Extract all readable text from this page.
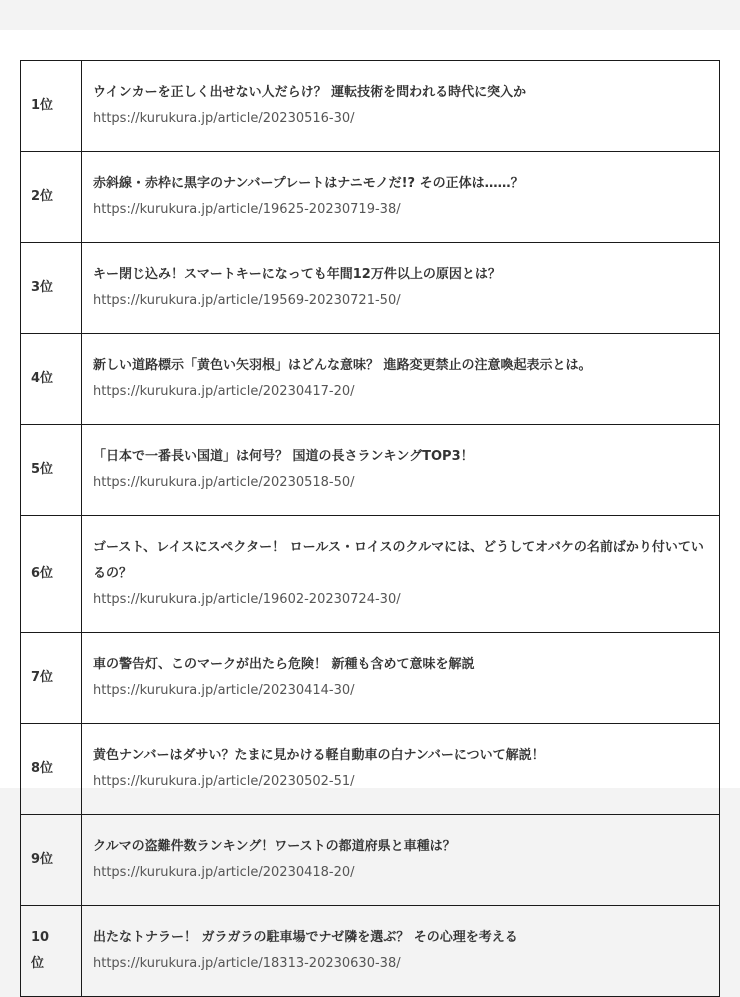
1位	ウインカーを正しく出せない人だらけ？ 運転技術を問われる時代に突入か
https://kurukura.jp/article/20230516-30/

2位	赤斜線・赤枠に黒字のナンバープレートはナニモノだ!? その正体は……？
https://kurukura.jp/article/19625-20230719-38/

3位	キー閉じ込み！スマートキーになっても年間12万件以上の原因とは？
https://kurukura.jp/article/19569-20230721-50/

4位	新しい道路標示「黄色い矢羽根」はどんな意味？ 進路変更禁止の注意喚起表示とは。
https://kurukura.jp/article/20230417-20/

5位	「日本で一番長い国道」は何号？ 国道の長さランキングTOP3！
https://kurukura.jp/article/20230518-50/

6位	ゴースト、レイスにスペクター！ ロールス・ロイスのクルマには、どうしてオバケの名前ばかり付いているの？
https://kurukura.jp/article/19602-20230724-30/

7位	車の警告灯、このマークが出たら危険！ 新種も含めて意味を解説
https://kurukura.jp/article/20230414-30/

8位	黄色ナンバーはダサい？たまに見かける軽自動車の白ナンバーについて解説！
https://kurukura.jp/article/20230502-51/

9位	クルマの盗難件数ランキング！ワーストの都道府県と車種は？
https://kurukura.jp/article/20230418-20/

10位	出たなトナラー！ ガラガラの駐車場でナゼ隣を選ぶ？ その心理を考える
https://kurukura.jp/article/18313-20230630-38/
